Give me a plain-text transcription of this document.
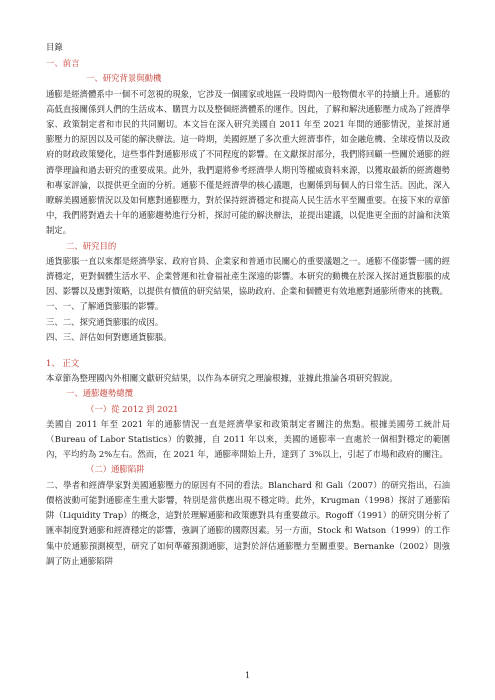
目錄
一、前言
一、研究背景與動機

通膨是經濟體系中一個不可忽視的現象，它涉及一個國家或地區一段時間內一般物價水平的持續上升。通膨的高低直接關係到人們的生活成本、購買力以及整個經濟體系的運作。因此，了解和解決通膨壓力成為了經濟學家、政策制定者和市民的共同關切。本文旨在深入研究美國自 2011 年至 2021 年間的通膨情況，並探討通膨壓力的原因以及可能的解決辦法。這一時期，美國經歷了多次重大經濟事件，如金融危機、全球疫情以及政府的財政政策變化，這些事件對通膨形成了不同程度的影響。在文獻探討部分，我們將回顧一些關於通膨的經濟學理論和過去研究的重要成果。此外，我們還將參考經濟學人期刊等權威資料來源，以獲取最新的經濟趨勢和專家評論，以提供更全面的分析。通膨不僅是經濟學的核心議題，也關係到每個人的日常生活。因此，深入瞭解美國通膨情況以及如何應對通膨壓力，對於保持經濟穩定和提高人民生活水平至關重要。在接下來的章節中，我們將對過去十年的通膨趨勢進行分析，探討可能的解決辦法，並提出建議，以促進更全面的討論和決策制定。

二、研究目的

通貨膨脹一直以來都是經濟學家、政府官員、企業家和普通市民關心的重要議題之一。通膨不僅影響一國的經濟穩定，更對個體生活水平、企業營運和社會福祉產生深遠的影響。本研究的動機在於深入探討通貨膨脹的成因、影響以及應對策略，以提供有價值的研究結果，協助政府、企業和個體更有效地應對通膨所帶來的挑戰。

一、一、了解通貨膨脹的影響。
三、二、探究通貨膨脹的成因。
四、三、評估如何對應通貨膨脹。
1、 正文

本章節為整理國內外相關文獻研究結果，以作為本研究之理論根據，並據此推論各項研究假說。

一、通膨趨勢總攬
（一）從 2012 到 2021

美國自 2011 年至 2021 年的通膨情況一直是經濟學家和政策制定者關注的焦點。根據美國勞工統計局（Bureau of Labor Statistics）的數據，自 2011 年以來，美國的通膨率一直處於一個相對穩定的範圍內，平均約為 2%左右。然而，在 2021 年，通膨率開始上升，達到了 3%以上，引起了市場和政府的關注。

（二）通膨陷阱

二、學者和經濟學家對美國通膨壓力的原因有不同的看法。Blanchard 和 Gali（2007）的研究指出，石油價格波動可能對通膨產生重大影響，特別是當供應出現不穩定時。此外，Krugman（1998）探討了通膨陷阱（Liquidity Trap）的概念，這對於理解通膨和政策應對具有重要啟示。Rogoff（1991）的研究則分析了匯率制度對通膨和經濟穩定的影響，強調了通膨的國際因素。另一方面，Stock 和 Watson（1999）的工作集中於通膨預測模型，研究了如何準確預測通膨，這對於評估通膨壓力至關重要。Bernanke（2002）則強調了防止通膨陷阱

1
